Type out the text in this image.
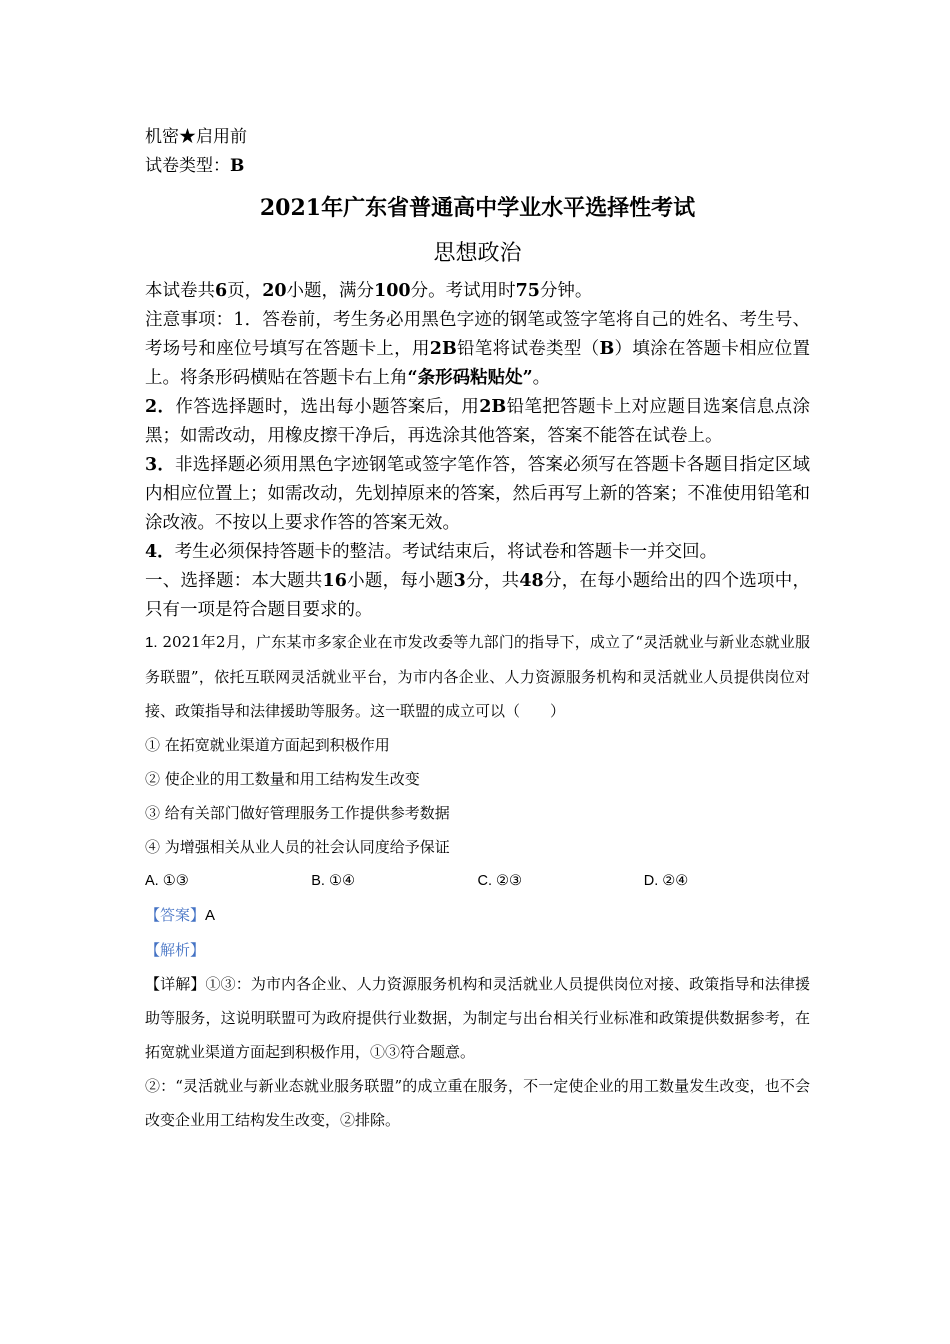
机密★启用前
试卷类型：B
2021年广东省普通高中学业水平选择性考试
思想政治
本试卷共6页，20小题，满分100分。考试用时75分钟。
注意事项：1．答卷前，考生务必用黑色字迹的钢笔或签字笔将自己的姓名、考生号、考场号和座位号填写在答题卡上，用2B铅笔将试卷类型（B）填涂在答题卡相应位置上。将条形码横贴在答题卡右上角“条形码粘贴处”。
2．作答选择题时，选出每小题答案后，用2B铅笔把答题卡上对应题目选案信息点涂黑；如需改动，用橡皮擦干净后，再选涂其他答案，答案不能答在试卷上。
3．非选择题必须用黑色字迹钢笔或签字笔作答，答案必须写在答题卡各题目指定区域内相应位置上；如需改动，先划掉原来的答案，然后再写上新的答案；不准使用铅笔和涂改液。不按以上要求作答的答案无效。
4．考生必须保持答题卡的整洁。考试结束后，将试卷和答题卡一并交回。
一、选择题：本大题共16小题，每小题3分，共48分，在每小题给出的四个选项中，只有一项是符合题目要求的。
1. 2021年2月，广东某市多家企业在市发改委等九部门的指导下，成立了“灵活就业与新业态就业服务联盟”，依托互联网灵活就业平台，为市内各企业、人力资源服务机构和灵活就业人员提供岗位对接、政策指导和法律援助等服务。这一联盟的成立可以（　　）
① 在拓宽就业渠道方面起到积极作用
② 使企业的用工数量和用工结构发生改变
③ 给有关部门做好管理服务工作提供参考数据
④ 为增强相关从业人员的社会认同度给予保证
A. ①③	B. ①④	C. ②③	D. ②④
【答案】A
【解析】
【详解】①③：为市内各企业、人力资源服务机构和灵活就业人员提供岗位对接、政策指导和法律援助等服务，这说明联盟可为政府提供行业数据，为制定与出台相关行业标准和政策提供数据参考，在拓宽就业渠道方面起到积极作用，①③符合题意。
②：“灵活就业与新业态就业服务联盟”的成立重在服务，不一定使企业的用工数量发生改变，也不会改变企业用工结构发生改变，②排除。
